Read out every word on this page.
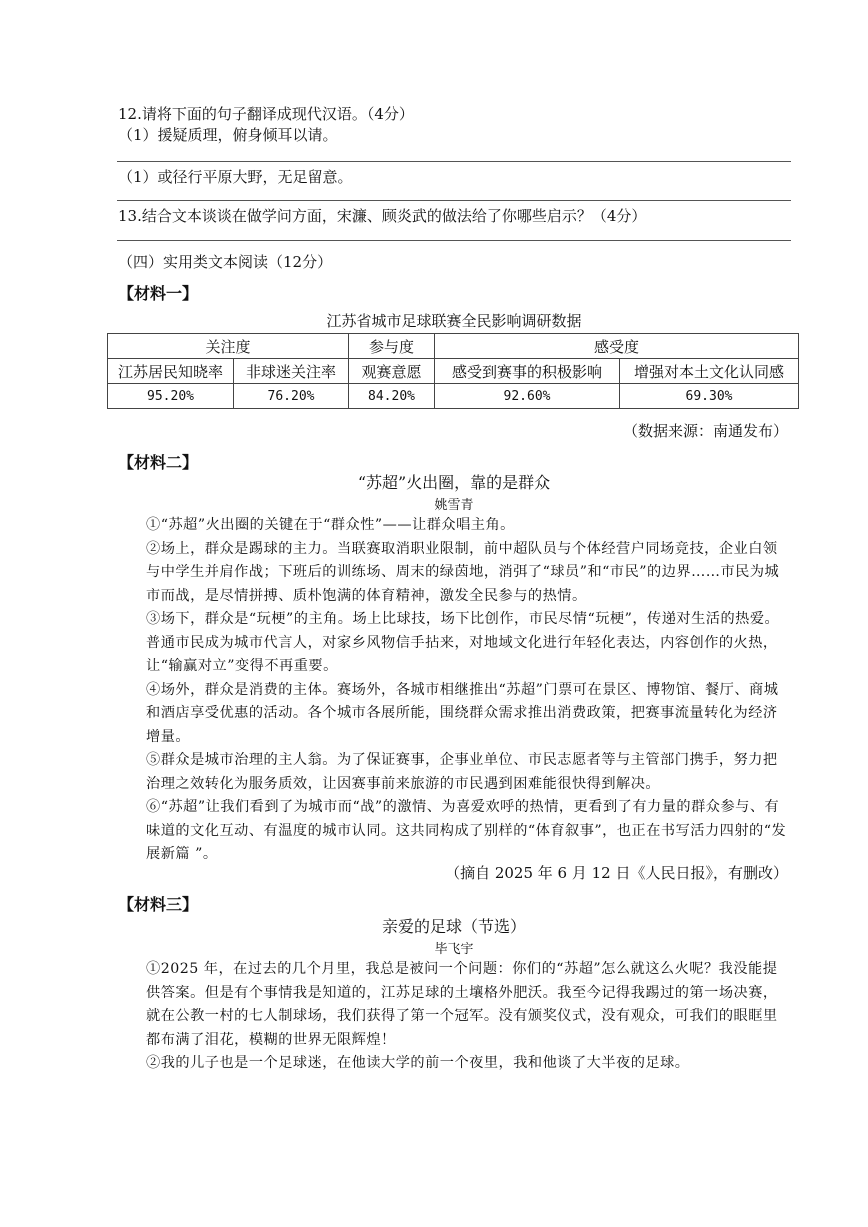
12.请将下面的句子翻译成现代汉语。（4分）
（1）援疑质理，俯身倾耳以请。
（1）或径行平原大野，无足留意。
13.结合文本谈谈在做学问方面，宋濂、顾炎武的做法给了你哪些启示？（4分）
（四）实用类文本阅读（12分）
【材料一】
江苏省城市足球联赛全民影响调研数据
关注度		参与度	感受度	
江苏居民知晓率	非球迷关注率	观赛意愿	感受到赛事的积极影响	增强对本土文化认同感
95.20%	76.20%	84.20%	92.60%	69.30%
（数据来源：南通发布）
【材料二】
“苏超”火出圈，靠的是群众
姚雪青
①“苏超”火出圈的关键在于“群众性”——让群众唱主角。
②场上，群众是踢球的主力。当联赛取消职业限制，前中超队员与个体经营户同场竞技，企业白领 与中学生并肩作战；下班后的训练场、周末的绿茵地，消弭了“球员”和“市民”的边界……市民为城市而战，是尽情拼搏、质朴饱满的体育精神，激发全民参与的热情。
③场下，群众是“玩梗”的主角。场上比球技，场下比创作，市民尽情“玩梗”，传递对生活的热爱。普通市民成为城市代言人，对家乡风物信手拈来，对地域文化进行年轻化表达，内容创作的火热，让“输赢对立”变得不再重要。
④场外，群众是消费的主体。赛场外，各城市相继推出“苏超”门票可在景区、博物馆、餐厅、商城和酒店享受优惠的活动。各个城市各展所能，围绕群众需求推出消费政策，把赛事流量转化为经济增量。
⑤群众是城市治理的主人翁。为了保证赛事，企事业单位、市民志愿者等与主管部门携手，努力把治理之效转化为服务质效，让因赛事前来旅游的市民遇到困难能很快得到解决。
⑥“苏超”让我们看到了为城市而“战”的激情、为喜爱欢呼的热情，更看到了有力量的群众参与、有味道的文化互动、有温度的城市认同。这共同构成了别样的“体育叙事”，也正在书写活力四射的“发展新篇 ”。
（摘自 2025 年 6 月 12 日《人民日报》，有删改）
【材料三】
亲爱的足球（节选）
毕飞宇
①2025 年，在过去的几个月里，我总是被问一个问题：你们的“苏超”怎么就这么火呢？我没能提供答案。但是有个事情我是知道的，江苏足球的土壤格外肥沃。我至今记得我踢过的第一场决赛，就在公教一村的七人制球场，我们获得了第一个冠军。没有颁奖仪式，没有观众，可我们的眼眶里都布满了泪花，模糊的世界无限辉煌！
②我的儿子也是一个足球迷，在他读大学的前一个夜里，我和他谈了大半夜的足球。
